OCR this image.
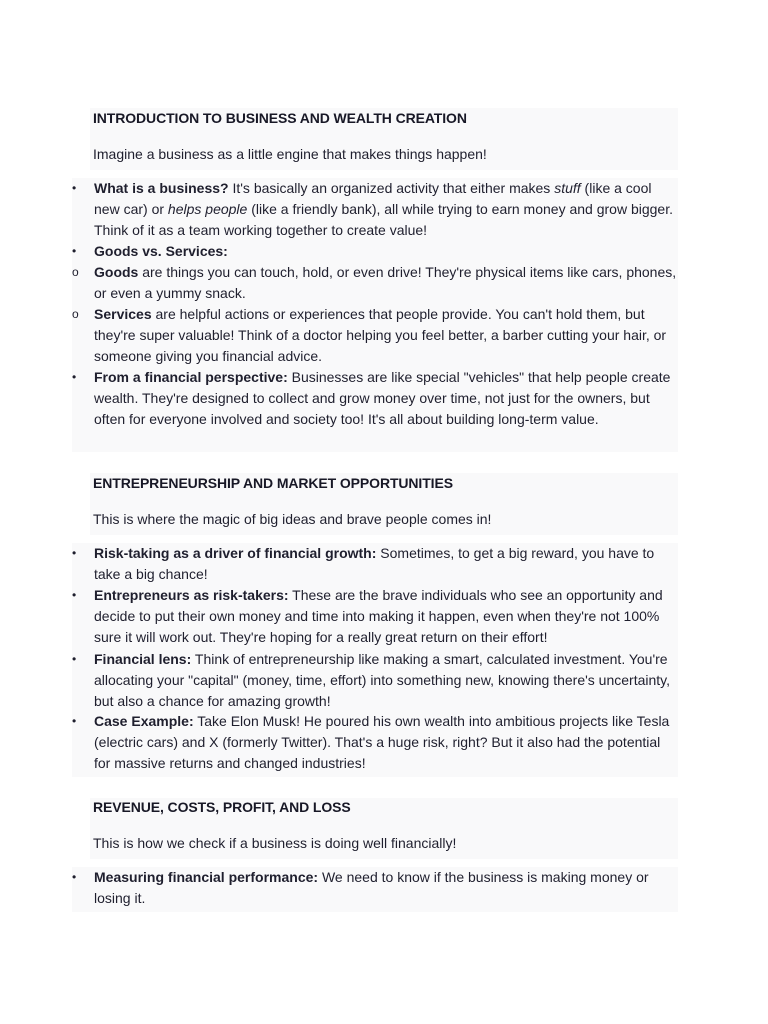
INTRODUCTION TO BUSINESS AND WEALTH CREATION
Imagine a business as a little engine that makes things happen!
• What is a business? It's basically an organized activity that either makes stuff (like a cool new car) or helps people (like a friendly bank), all while trying to earn money and grow bigger. Think of it as a team working together to create value!
• Goods vs. Services:
o Goods are things you can touch, hold, or even drive! They're physical items like cars, phones, or even a yummy snack.
o Services are helpful actions or experiences that people provide. You can't hold them, but they're super valuable! Think of a doctor helping you feel better, a barber cutting your hair, or someone giving you financial advice.
• From a financial perspective: Businesses are like special "vehicles" that help people create wealth. They're designed to collect and grow money over time, not just for the owners, but often for everyone involved and society too! It's all about building long-term value.
ENTREPRENEURSHIP AND MARKET OPPORTUNITIES
This is where the magic of big ideas and brave people comes in!
• Risk-taking as a driver of financial growth: Sometimes, to get a big reward, you have to take a big chance!
• Entrepreneurs as risk-takers: These are the brave individuals who see an opportunity and decide to put their own money and time into making it happen, even when they're not 100% sure it will work out. They're hoping for a really great return on their effort!
• Financial lens: Think of entrepreneurship like making a smart, calculated investment. You're allocating your "capital" (money, time, effort) into something new, knowing there's uncertainty, but also a chance for amazing growth!
• Case Example: Take Elon Musk! He poured his own wealth into ambitious projects like Tesla (electric cars) and X (formerly Twitter). That's a huge risk, right? But it also had the potential for massive returns and changed industries!
REVENUE, COSTS, PROFIT, AND LOSS
This is how we check if a business is doing well financially!
• Measuring financial performance: We need to know if the business is making money or losing it.
